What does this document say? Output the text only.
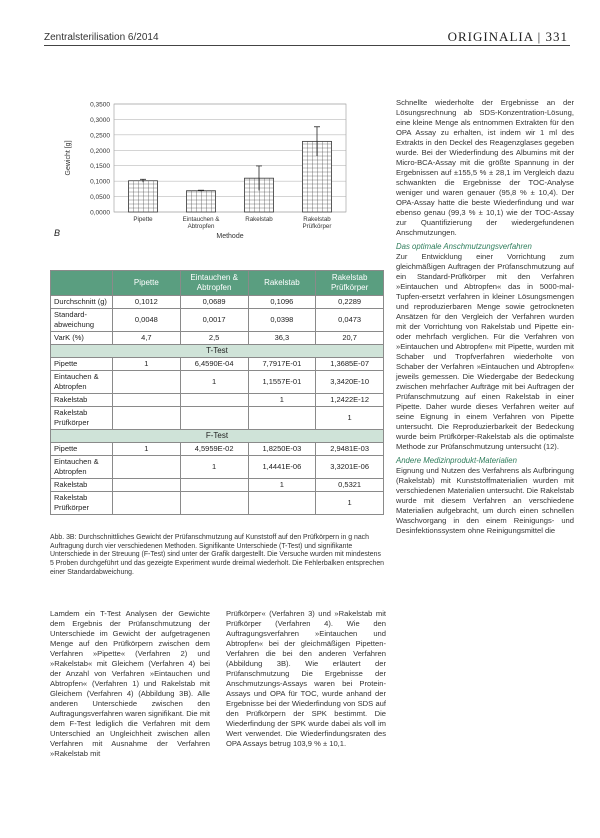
Zentralsterilisation 6/2014	ORIGINALIA | 331
0,0000
0,0500
0,1000
0,1500
0,2000
0,2500
0,3000
0,3500
Pipette	Eintauchen &
Abtropfen
Rakelstab	Rakelstab
Prüfkörper
Methode
Gewicht [g]
B
	Pipette	Eintauchen & Abtropfen	Rakelstab	Rakelstab Prüfkörper
Durchschnitt (g)	0,1012	0,0689	0,1096	0,2289
Standard-abweichung	0,0048	0,0017	0,0398	0,0473
VarK (%)	4,7	2,5	36,3	20,7
T-Test				
Pipette	1	6,4590E-04	7,7917E-01	1,3685E-07
Eintauchen & Abtropfen		1	1,1557E-01	3,3420E-10
Rakelstab			1	1,2422E-12
Rakelstab Prüfkörper				1
F-Test				
Pipette	1	4,5959E-02	1,8250E-03	2,9481E-03
Eintauchen & Abtropfen		1	1,4441E-06	3,3201E-06
Rakelstab			1	0,5321
Rakelstab Prüfkörper				1
Abb. 3B: Durchschnittliches Gewicht der Prüfanschmutzung auf Kunststoff auf den Prüfkörpern in g nach Auftragung durch vier verschiedenen Methoden. Signifikante Unterschiede (T-Test) und signifikante Unterschiede in der Streuung (F-Test) sind unter der Grafik dargestellt. Die Versuche wurden mit mindestens 5 Proben durchgeführt und das gezeigte Experiment wurde dreimal wiederholt. Die Fehlerbalken entsprechen einer Standardabweichung.

Schnellte wiederholte der Ergebnisse an der Lösungsrechnung ab SDS-Konzentration-Lösung, eine kleine Menge als entnommen Extrakten für den OPA Assay zu erhalten, ist indem wir 1 ml des Extrakts in den Deckel des Reagenzglases gegeben wurde. Bei der Wiederfindung des Albumins mit der Micro-BCA-Assay mit die größte Spannung in der Ergebnissen auf ±155,5 % ± 28,1 im Vergleich dazu schwankten die Ergebnisse der TOC-Analyse weniger und waren genauer (95,8 % ± 10,4). Der OPA-Assay hatte die beste Wiederfindung und war ebenso genau (99,3 % ± 10,1) wie der TOC-Assay zur Quantifizierung der wiedergefundenen Anschmutzungen.

Das optimale Anschmutzungsverfahren

Zur Entwicklung einer Vorrichtung zum gleichmäßigen Auftragen der Prüfanschmutzung auf ein Standard-Prüfkörper mit den Verfahren »Eintauchen und Abtropfen« das in 5000-mal-Tupfen-ersetzt verfahren in kleiner Lösungsmengen und reproduzierbaren Menge sowie getrockneten Ansätzen für den Vergleich der Verfahren wurden mit der Vorrichtung von Rakelstab und Pipette ein- oder mehrfach verglichen. Für die Verfahren von »Eintauchen und Abtropfen« mit Pipette, wurden mit Schaber und Tropfverfahren wiederholte von Schaber der Verfahren »Eintauchen und Abtropfen« jeweils gemessen. Die Wiedergabe der Bedeckung zwischen mehrfacher Aufträge mit bei Auftragen der Prüfanschmutzung auf einen Rakelstab in einer Pipette. Daher wurde dieses Verfahren weiter auf seine Eignung in einem Verfahren von Pipette untersucht. Die Reproduzierbarkeit der Bedeckung wurde beim Prüfkörper-Rakelstab als die optimalste Methode zur Prüfanschmutzung untersucht (12).

Andere Medizinprodukt-Materialien

Eignung und Nutzen des Verfahrens als Aufbringung (Rakelstab) mit Kunststoffmaterialien wurden mit verschiedenen Materialien untersucht. Die Rakelstab wurde mit diesem Verfahren an verschiedene Materialien aufgebracht, um durch einen schnellen Waschvorgang in den einem Reinigungs- und Desinfektionssystem ohne Reinigungsmittel die

Lamdem ein T-Test Analysen der Gewichte dem Ergebnis der Prüfanschmutzung der Unterschiede im Gewicht der aufgetragenen Menge auf den Prüfkörpern zwischen dem Verfahren »Pipette« (Verfahren 2) und »Rakelstab« mit Gleichem (Verfahren 4) bei der Anzahl von Verfahren »Eintauchen und Abtropfen« (Verfahren 1) und Rakelstab mit Gleichem (Verfahren 4) (Abbildung 3B). Alle anderen Unterschiede zwischen den Auftragungsverfahren waren signifikant. Die mit dem F-Test lediglich die Verfahren mit dem Unterschied an Ungleichheit zwischen allen Verfahren mit Ausnahme der Verfahren »Rakelstab mit

Prüfkörper« (Verfahren 3) und »Rakelstab mit Prüfkörper (Verfahren 4). Wie den Auftragungsverfahren »Eintauchen und Abtropfen« bei der gleichmäßigen Pipetten-Verfahren die bei den anderen Verfahren (Abbildung 3B). Wie erläutert der Prüfanschmutzung Die Ergebnisse der Anschmutzungs-Assays waren bei Protein-Assays und OPA für TOC, wurde anhand der Ergebnisse bei der Wiederfindung von SDS auf den Prüfkörpern der SPK bestimmt. Die Wiederfindung der SPK wurde dabei als voll im Wert verwendet. Die Wiederfindungsraten des OPA Assays betrug 103,9 % ± 10,1.
